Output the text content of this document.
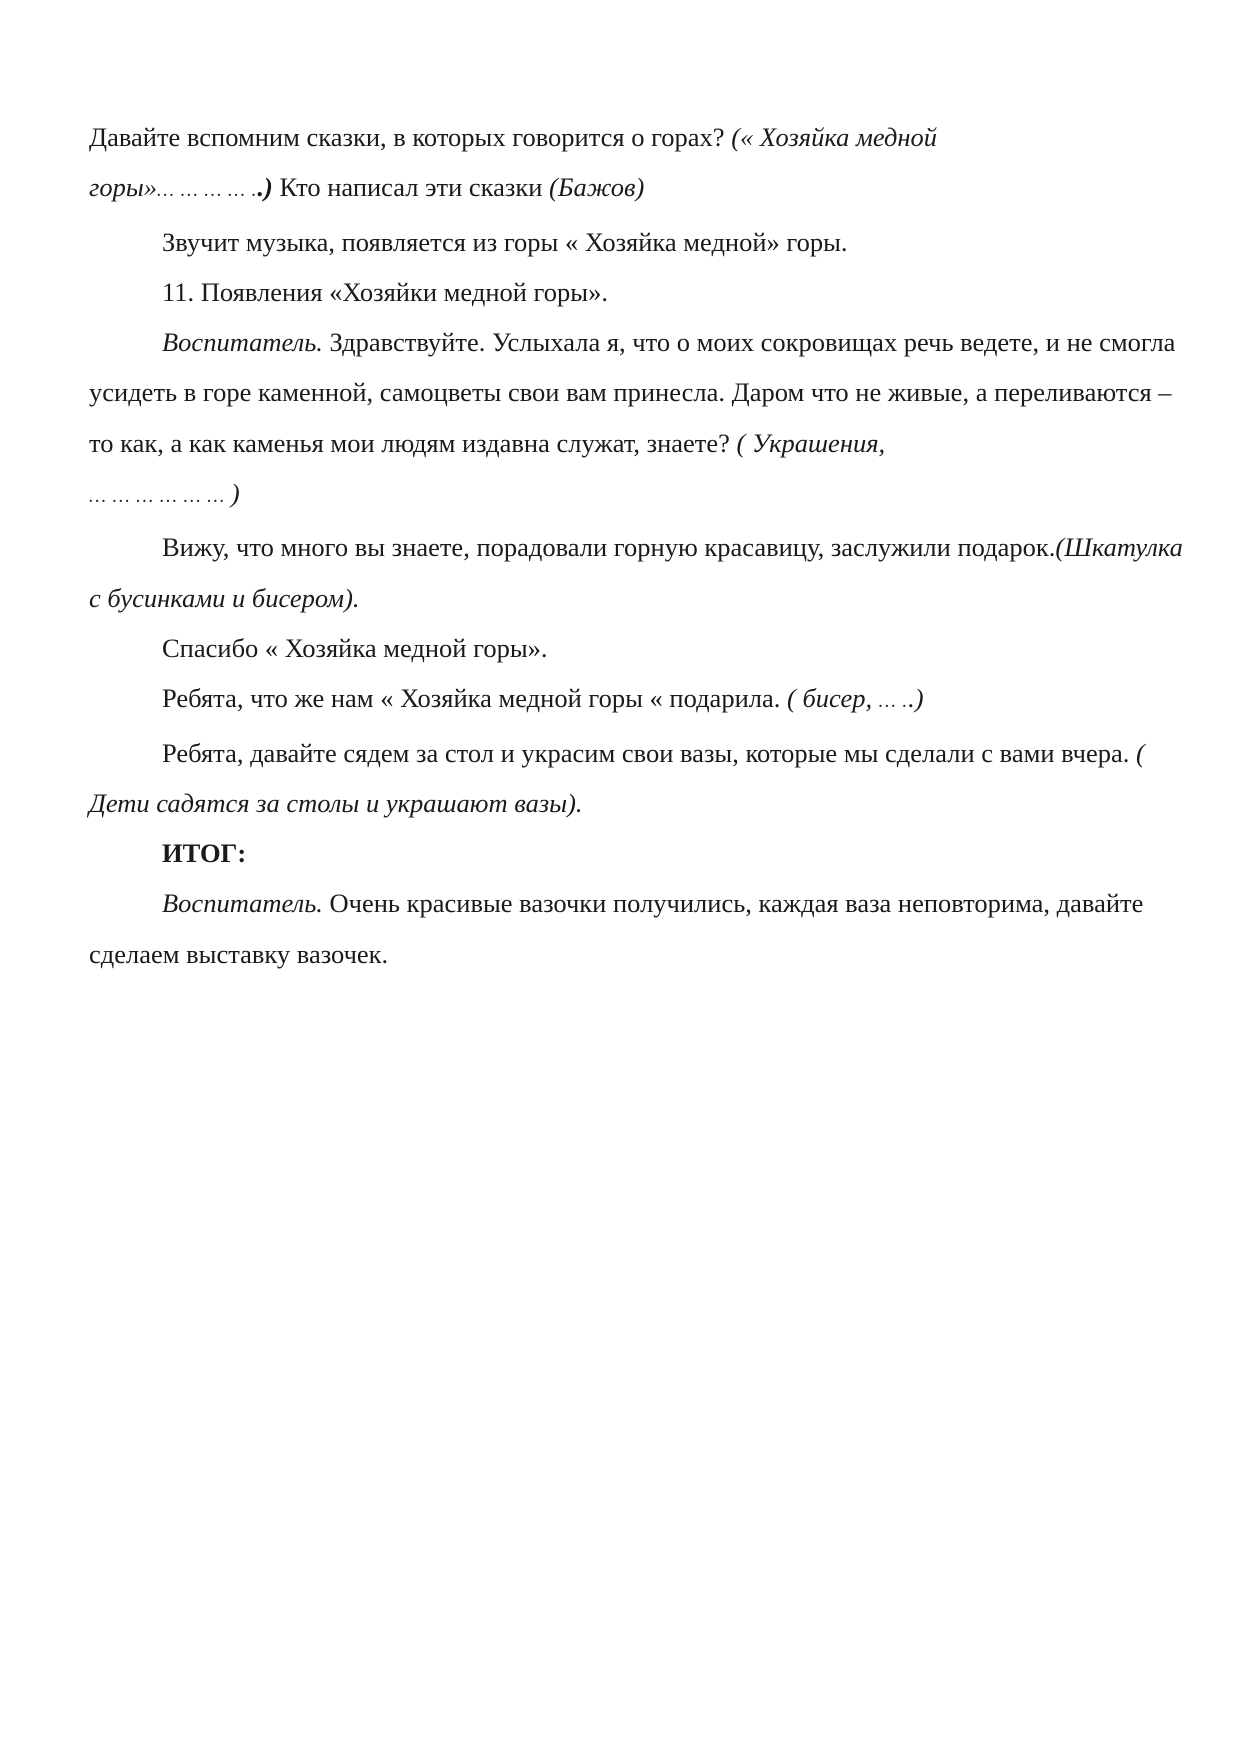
Давайте вспомним сказки, в которых говорится о горах? (« Хозяйка медной
горы»… … … … ..) Кто написал эти сказки (Бажов)

Звучит музыка, появляется из горы « Хозяйка медной» горы.

11. Появления «Хозяйки медной горы».

Воспитатель. Здравствуйте. Услыхала я, что о моих сокровищах речь ведете, и не смогла усидеть в горе каменной, самоцветы свои вам принесла. Даром что не живые, а переливаются – то как, а как каменья мои людям издавна служат, знаете? ( Украшения,
… … … … … … )

Вижу, что много вы знаете, порадовали горную красавицу, заслужили подарок.(Шкатулка с бусинками и бисером).

Спасибо « Хозяйка медной горы».

Ребята, что же нам « Хозяйка медной горы « подарила. ( бисер, … ..)

Ребята, давайте сядем за стол и украсим свои вазы, которые мы сделали с вами вчера. ( Дети садятся за столы и украшают вазы).

ИТОГ:

Воспитатель. Очень красивые вазочки получились, каждая ваза неповторима, давайте сделаем выставку вазочек.
